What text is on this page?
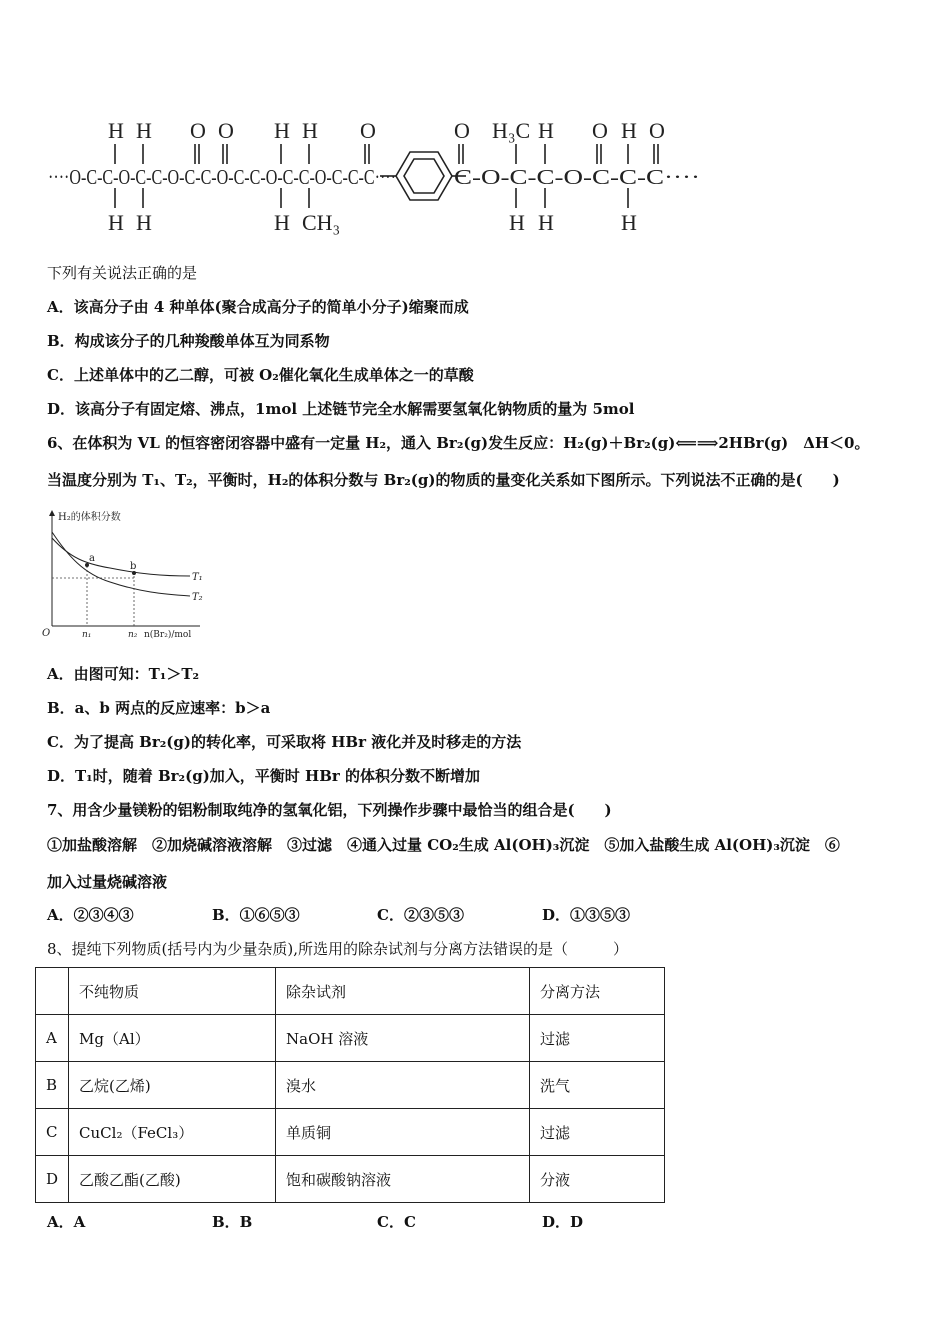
H H O O H H O	O H₃C H O H O
····O-C-C-O-C-C-O-C-C-O-C-C-O-C-C-O-C-C-C····	C-O-C-C-O-C-C-C····
H H	H CH₃	H H	H
下列有关说法正确的是
A．该高分子由 4 种单体(聚合成高分子的简单小分子)缩聚而成
B．构成该分子的几种羧酸单体互为同系物
C．上述单体中的乙二醇，可被 O₂催化氧化生成单体之一的草酸
D．该高分子有固定熔、沸点，1mol 上述链节完全水解需要氢氧化钠物质的量为 5mol
6、在体积为 VL 的恒容密闭容器中盛有一定量 H₂，通入 Br₂(g)发生反应：H₂(g)＋Br₂(g)⟸⟹2HBr(g)　ΔH＜0。
当温度分别为 T₁、T₂，平衡时，H₂的体积分数与 Br₂(g)的物质的量变化关系如下图所示。下列说法不正确的是(　　)
H₂的体积分数
a
b
T₁
T₂
O	n₁	n₂ n(Br₂)/mol
A．由图可知：T₁＞T₂
B．a、b 两点的反应速率：b＞a
C．为了提高 Br₂(g)的转化率，可采取将 HBr 液化并及时移走的方法
D．T₁时，随着 Br₂(g)加入，平衡时 HBr 的体积分数不断增加
7、用含少量镁粉的铝粉制取纯净的氢氧化铝，下列操作步骤中最恰当的组合是(　　)
①加盐酸溶解　②加烧碱溶液溶解　③过滤　④通入过量 CO₂生成 Al(OH)₃沉淀　⑤加入盐酸生成 Al(OH)₃沉淀　⑥
加入过量烧碱溶液
A．②③④③	B．①⑥⑤③	C．②③⑤③	D．①③⑤③
8、提纯下列物质(括号内为少量杂质),所选用的除杂试剂与分离方法错误的是（　　　）
	不纯物质	除杂试剂	分离方法
A	Mg（Al）	NaOH 溶液	过滤
B	乙烷(乙烯)	溴水	洗气
C	CuCl₂（FeCl₃）	单质铜	过滤
D	乙酸乙酯(乙酸)	饱和碳酸钠溶液	分液
A．A	B．B	C．C	D．D
